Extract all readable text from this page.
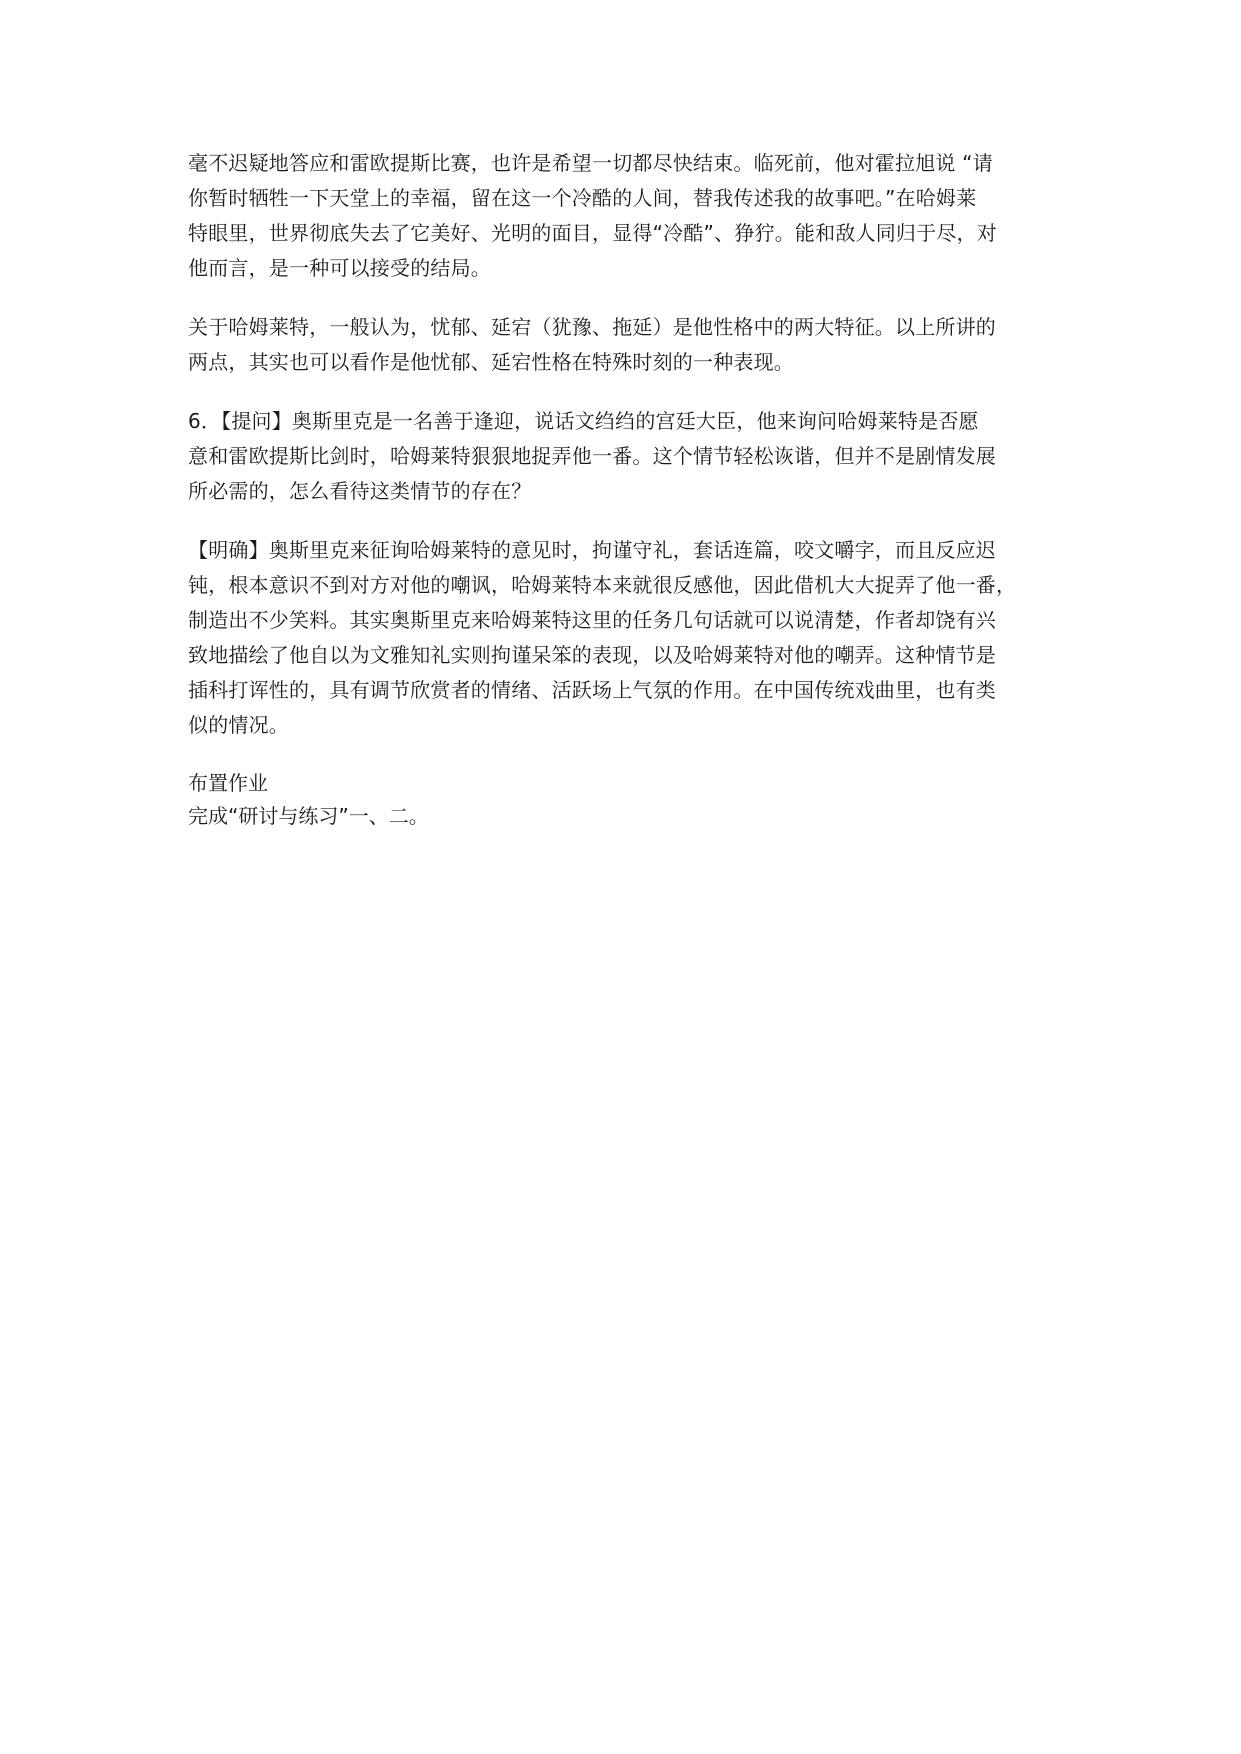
毫不迟疑地答应和雷欧提斯比赛，也许是希望一切都尽快结束。临死前，他对霍拉旭说 “请
你暂时牺牲一下天堂上的幸福，留在这一个冷酷的人间，替我传述我的故事吧。”在哈姆莱
特眼里，世界彻底失去了它美好、光明的面目，显得“冷酷”、狰狞。能和敌人同归于尽，对
他而言，是一种可以接受的结局。
关于哈姆莱特，一般认为，忧郁、延宕（犹豫、拖延）是他性格中的两大特征。以上所讲的
两点，其实也可以看作是他忧郁、延宕性格在特殊时刻的一种表现。
6．【提问】奥斯里克是一名善于逢迎，说话文绉绉的宫廷大臣，他来询问哈姆莱特是否愿
意和雷欧提斯比剑时，哈姆莱特狠狠地捉弄他一番。这个情节轻松诙谐，但并不是剧情发展
所必需的，怎么看待这类情节的存在？
【明确】奥斯里克来征询哈姆莱特的意见时，拘谨守礼，套话连篇，咬文嚼字，而且反应迟
钝，根本意识不到对方对他的嘲讽，哈姆莱特本来就很反感他，因此借机大大捉弄了他一番，
制造出不少笑料。其实奥斯里克来哈姆莱特这里的任务几句话就可以说清楚，作者却饶有兴
致地描绘了他自以为文雅知礼实则拘谨呆笨的表现，以及哈姆莱特对他的嘲弄。这种情节是
插科打诨性的，具有调节欣赏者的情绪、活跃场上气氛的作用。在中国传统戏曲里，也有类
似的情况。
布置作业
完成“研讨与练习”一、二。
